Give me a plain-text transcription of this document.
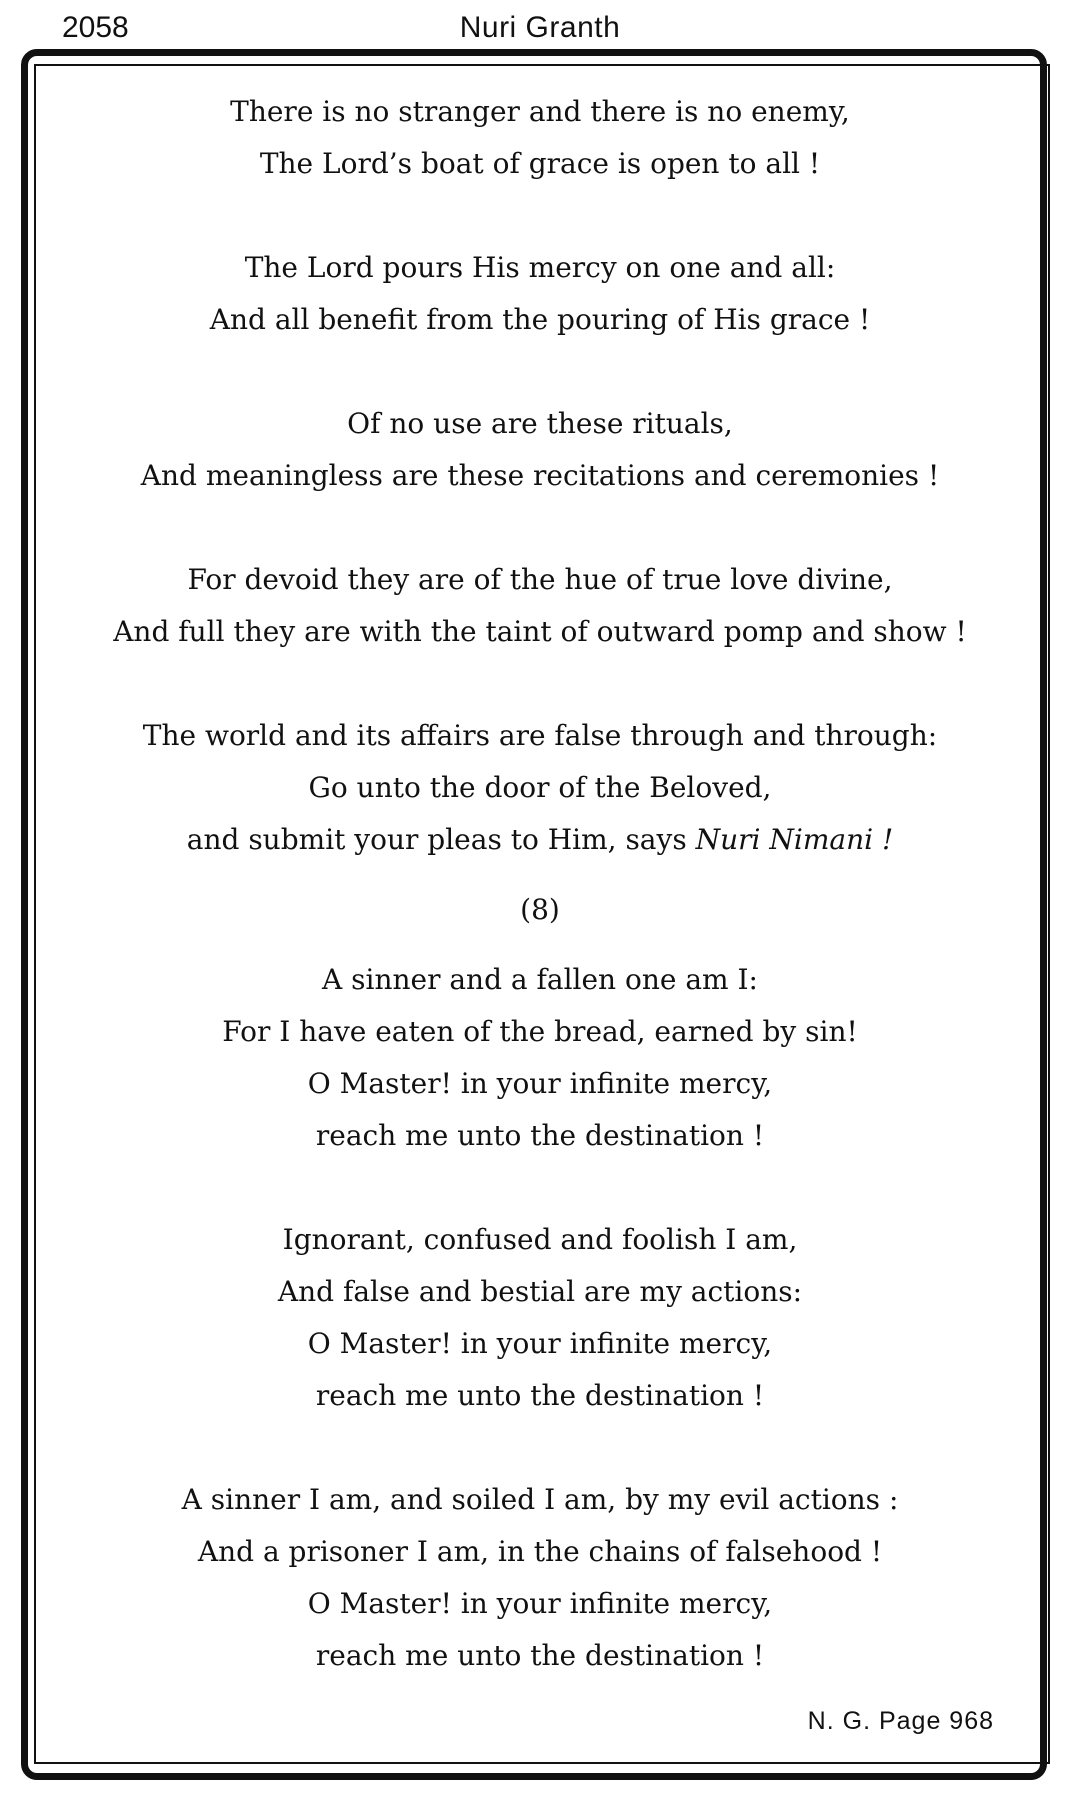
2058	Nuri Granth
There is no stranger and there is no enemy,
The Lord’s boat of grace is open to all !
The Lord pours His mercy on one and all:
And all benefit from the pouring of His grace !
Of no use are these rituals,
And meaningless are these recitations and ceremonies !
For devoid they are of the hue of true love divine,
And full they are with the taint of outward pomp and show !
The world and its affairs are false through and through:
Go unto the door of the Beloved,
and submit your pleas to Him, says Nuri Nimani !
(8)
A sinner and a fallen one am I:
For I have eaten of the bread, earned by sin!
O Master! in your infinite mercy,
reach me unto the destination !
Ignorant, confused and foolish I am,
And false and bestial are my actions:
O Master! in your infinite mercy,
reach me unto the destination !
A sinner I am, and soiled I am, by my evil actions :
And a prisoner I am, in the chains of falsehood !
O Master! in your infinite mercy,
reach me unto the destination !
N. G. Page 968
